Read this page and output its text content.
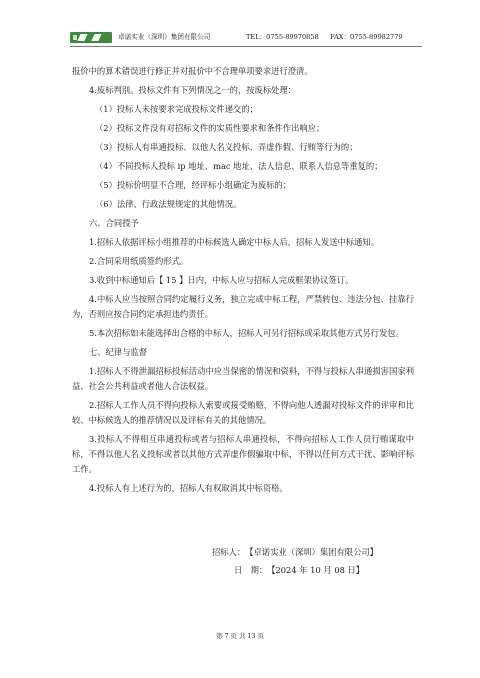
卓诺实业（深圳）集团有限公司	TEL：0755-89970858 FAX：0755-89982779

报价中的算术错误进行修正并对报价中不合理单项要求进行澄清。

4.废标判别。投标文件有下列情况之一的，按废标处理：

（1）投标人未按要求完成投标文件递交的；

（2）投标文件没有对招标文件的实质性要求和条件作出响应；

（3）投标人有串通投标、以他人名义投标、弄虚作假、行贿等行为的；

（4）不同投标人投标 ip 地址、mac 地址、法人信息、联系人信息等重复的；

（5）投标价明显不合理，经评标小组确定为废标的；

（6）法律、行政法规规定的其他情况。

六、合同授予

1.招标人依据评标小组推荐的中标候选人确定中标人后，招标人发送中标通知。

2.合同采用纸质签约形式。

3.收到中标通知后【 15 】日内，中标人应与招标人完成框架协议签订。

4.中标人应当按照合同约定履行义务，独立完成中标工程，严禁转包、违法分包、挂靠行为，否则应按合同约定承担违约责任。

5.本次招标如未能选择出合格的中标人，招标人可另行招标或采取其他方式另行发包。

七、纪律与监督

1.招标人不得泄漏招标投标活动中应当保密的情况和资料，不得与投标人串通损害国家利益、社会公共利益或者他人合法权益。

2.招标人工作人员不得向投标人索要或接受贿赂，不得向他人透漏对投标文件的评审和比较、中标候选人的推荐情况以及评标有关的其他情况。

3.投标人不得相互串通投标或者与招标人串通投标，不得向招标人工作人员行贿谋取中标，不得以他人名义投标或者以其他方式弄虚作假骗取中标，不得以任何方式干扰、影响评标工作。

4.投标人有上述行为的，招标人有权取消其中标资格。

招标人： 【卓诺实业（深圳）集团有限公司】
日　期： 【2024 年 10 月 08 日】
第 7 页 共 13 页
